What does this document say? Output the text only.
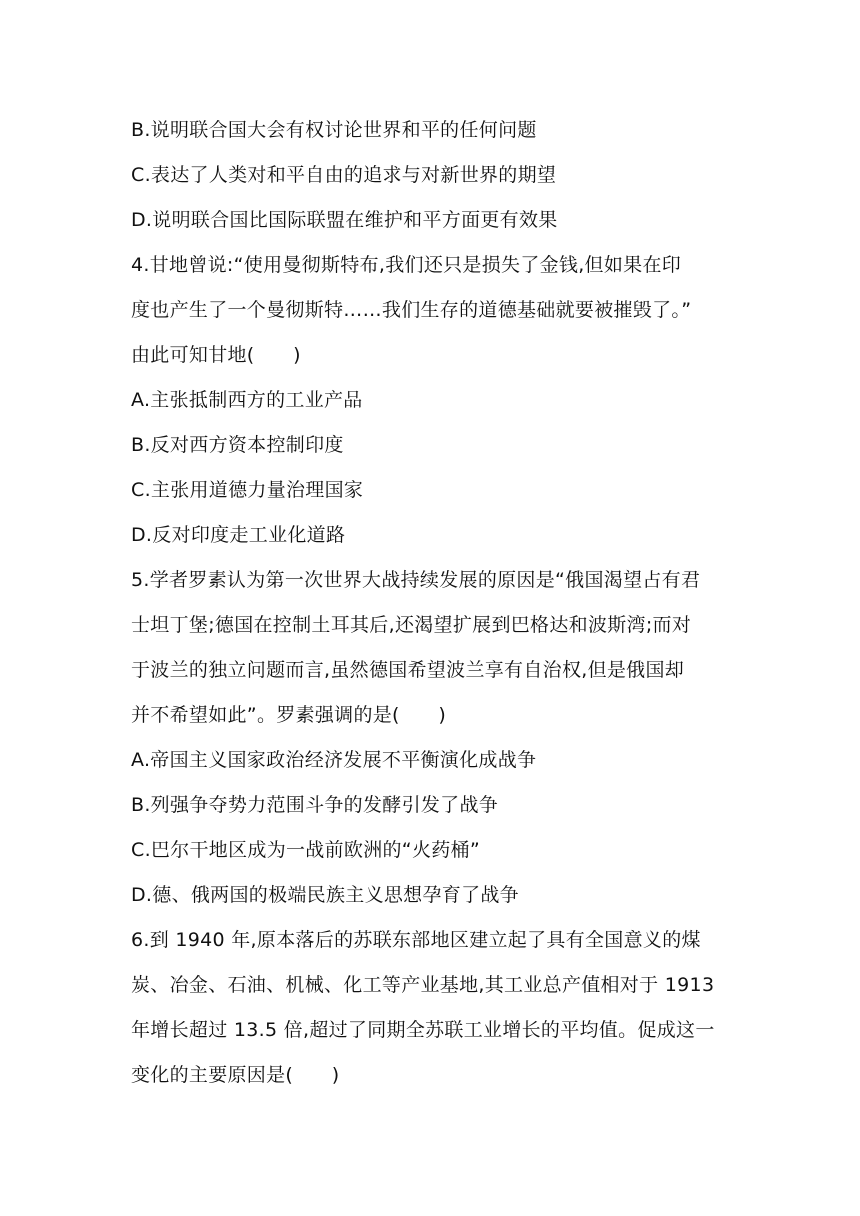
B.说明联合国大会有权讨论世界和平的任何问题
C.表达了人类对和平自由的追求与对新世界的期望
D.说明联合国比国际联盟在维护和平方面更有效果
4.甘地曾说:“使用曼彻斯特布,我们还只是损失了金钱,但如果在印
度也产生了一个曼彻斯特……我们生存的道德基础就要被摧毁了。”
由此可知甘地(　　)
A.主张抵制西方的工业产品
B.反对西方资本控制印度
C.主张用道德力量治理国家
D.反对印度走工业化道路
5.学者罗素认为第一次世界大战持续发展的原因是“俄国渴望占有君
士坦丁堡;德国在控制土耳其后,还渴望扩展到巴格达和波斯湾;而对
于波兰的独立问题而言,虽然德国希望波兰享有自治权,但是俄国却
并不希望如此”。罗素强调的是(　　)
A.帝国主义国家政治经济发展不平衡演化成战争
B.列强争夺势力范围斗争的发酵引发了战争
C.巴尔干地区成为一战前欧洲的“火药桶”
D.德、俄两国的极端民族主义思想孕育了战争
6.到 1940 年,原本落后的苏联东部地区建立起了具有全国意义的煤
炭、冶金、石油、机械、化工等产业基地,其工业总产值相对于 1913
年增长超过 13.5 倍,超过了同期全苏联工业增长的平均值。促成这一
变化的主要原因是(　　)
